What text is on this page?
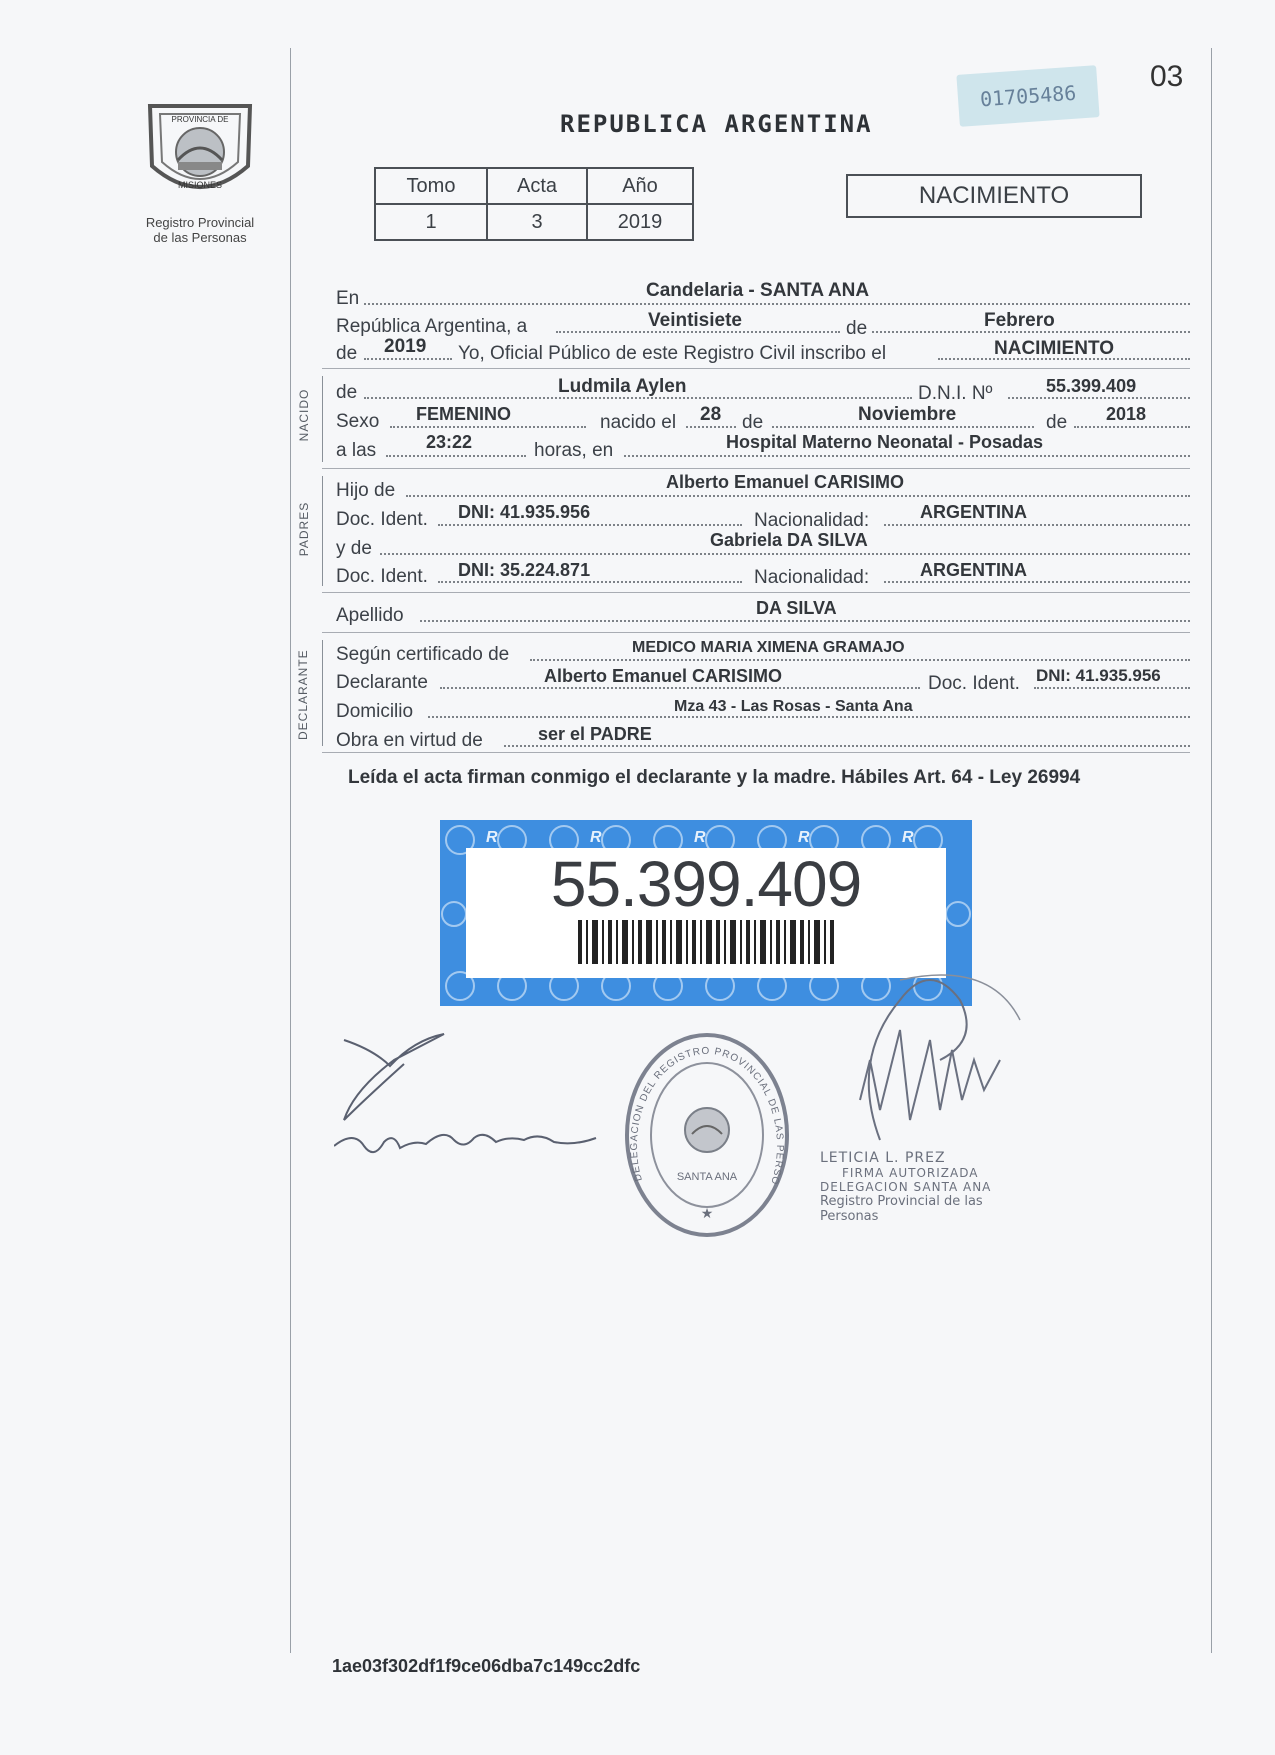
PROVINCIA DE
MISIONES
Registro Provincial
de las Personas
REPUBLICA ARGENTINA
01705486
03
Tomo	Acta	Año
1	3	2019
NACIMIENTO
NACIDO
PADRES
DECLARANTE
En	Candelaria - SANTA ANA
República Argentina, a	Veintisiete	de	Febrero
de 2019 Yo, Oficial Público de este Registro Civil inscribo el	NACIMIENTO
de	Ludmila Aylen	D.N.I. Nº	55.399.409
Sexo FEMENINO	nacido el 28 de	Noviembre	de 2018
a las	23:22	horas, en	Hospital Materno Neonatal - Posadas
Hijo de	Alberto Emanuel CARISIMO
Doc. Ident. DNI: 41.935.956	Nacionalidad:	ARGENTINA
y de	Gabriela DA SILVA
Doc. Ident. DNI: 35.224.871	Nacionalidad:	ARGENTINA
Apellido	DA SILVA
Según certificado de	MEDICO MARIA XIMENA GRAMAJO
Declarante	Alberto Emanuel CARISIMO	Doc. Ident. DNI: 41.935.956
Domicilio	Mza 43 - Las Rosas - Santa Ana
Obra en virtud de	ser el PADRE
Leída el acta firman conmigo el declarante y la madre. Hábiles Art. 64 - Ley 26994
R	R	R	R	R
55.399.409
Daniela Gabriela	DELEGACION DEL REGISTRO PROVINCIAL DE LAS PERSO
SANTA ANA
★
LETICIA L. PREZ
FIRMA AUTORIZADA
DELEGACION SANTA ANA
Registro Provincial de las Personas
1ae03f302df1f9ce06dba7c149cc2dfc
